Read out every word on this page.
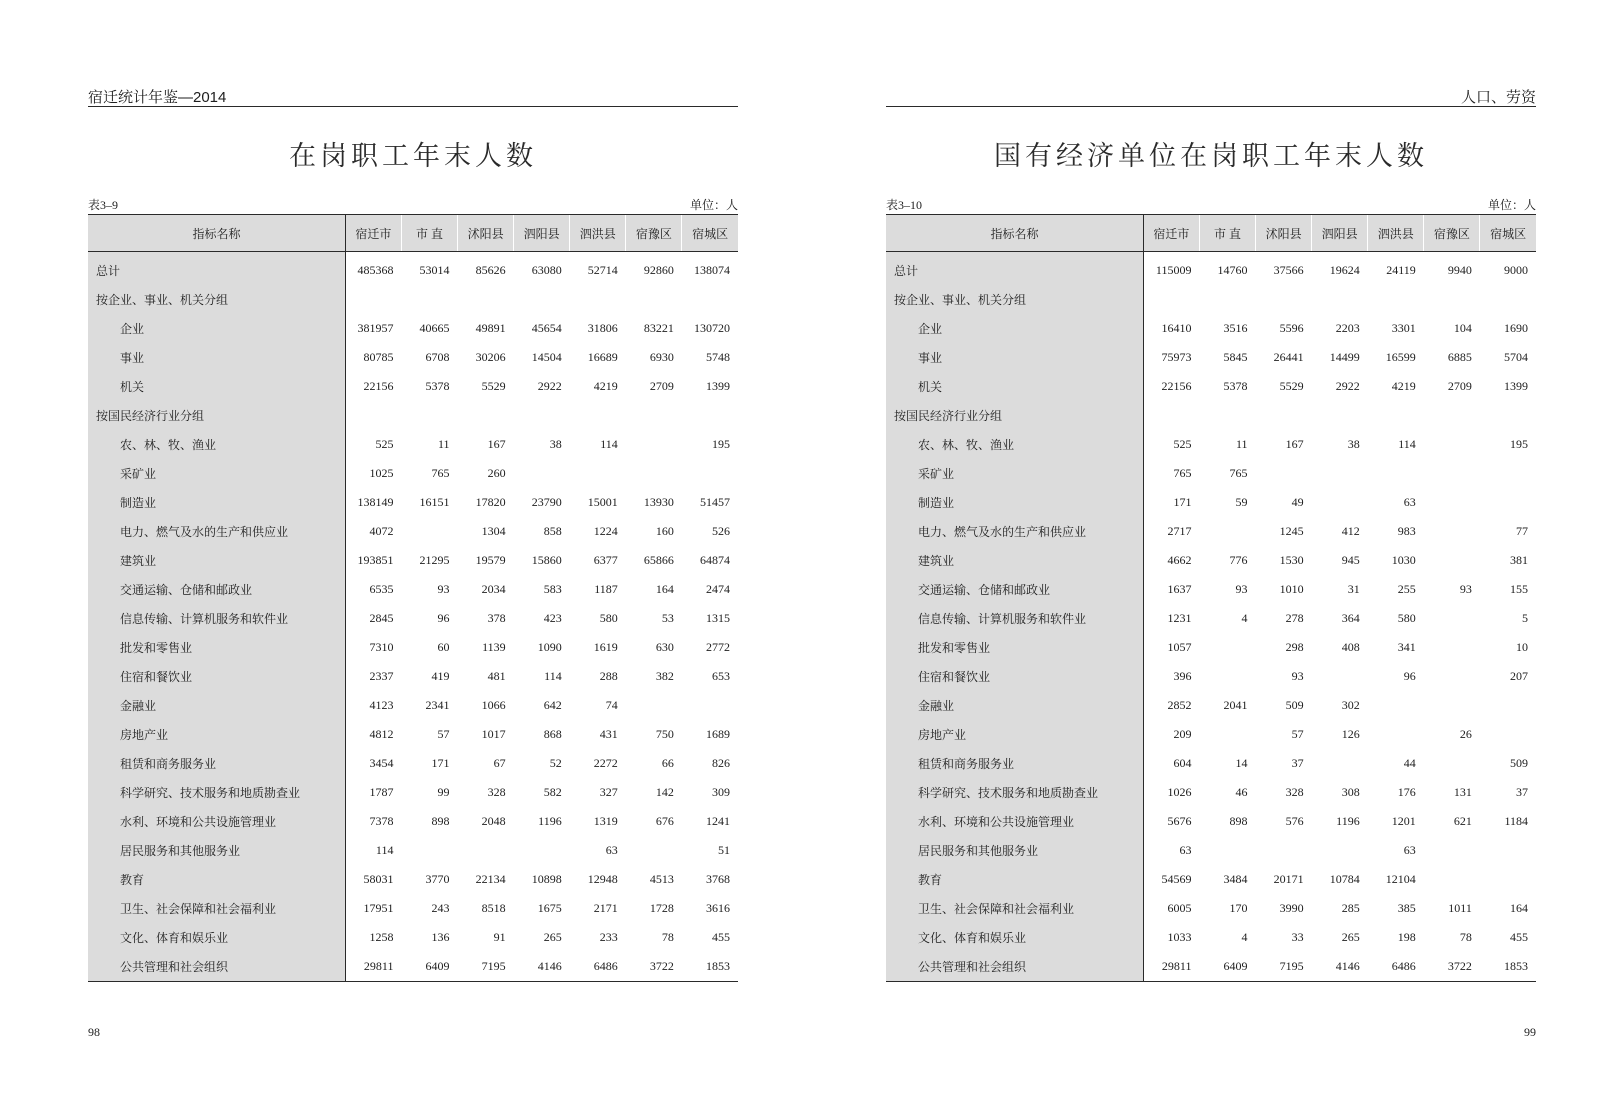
宿迁统计年鉴—2014
在岗职工年末人数
表3–9	单位：人
指标名称	宿迁市	市 直	沭阳县	泗阳县	泗洪县	宿豫区	宿城区
总计	485368	53014	85626	63080	52714	92860	138074
按企业、事业、机关分组							
企业	381957	40665	49891	45654	31806	83221	130720
事业	80785	6708	30206	14504	16689	6930	5748
机关	22156	5378	5529	2922	4219	2709	1399
按国民经济行业分组							
农、林、牧、渔业	525	11	167	38	114		195
采矿业	1025	765	260				
制造业	138149	16151	17820	23790	15001	13930	51457
电力、燃气及水的生产和供应业	4072		1304	858	1224	160	526
建筑业	193851	21295	19579	15860	6377	65866	64874
交通运输、仓储和邮政业	6535	93	2034	583	1187	164	2474
信息传输、计算机服务和软件业	2845	96	378	423	580	53	1315
批发和零售业	7310	60	1139	1090	1619	630	2772
住宿和餐饮业	2337	419	481	114	288	382	653
金融业	4123	2341	1066	642	74		
房地产业	4812	57	1017	868	431	750	1689
租赁和商务服务业	3454	171	67	52	2272	66	826
科学研究、技术服务和地质勘查业	1787	99	328	582	327	142	309
水利、环境和公共设施管理业	7378	898	2048	1196	1319	676	1241
居民服务和其他服务业	114				63		51
教育	58031	3770	22134	10898	12948	4513	3768
卫生、社会保障和社会福利业	17951	243	8518	1675	2171	1728	3616
文化、体育和娱乐业	1258	136	91	265	233	78	455
公共管理和社会组织	29811	6409	7195	4146	6486	3722	1853
98
人口、劳资
国有经济单位在岗职工年末人数
表3–10	单位：人
指标名称	宿迁市	市 直	沭阳县	泗阳县	泗洪县	宿豫区	宿城区
总计	115009	14760	37566	19624	24119	9940	9000
按企业、事业、机关分组							
企业	16410	3516	5596	2203	3301	104	1690
事业	75973	5845	26441	14499	16599	6885	5704
机关	22156	5378	5529	2922	4219	2709	1399
按国民经济行业分组							
农、林、牧、渔业	525	11	167	38	114		195
采矿业	765	765					
制造业	171	59	49		63		
电力、燃气及水的生产和供应业	2717		1245	412	983		77
建筑业	4662	776	1530	945	1030		381
交通运输、仓储和邮政业	1637	93	1010	31	255	93	155
信息传输、计算机服务和软件业	1231	4	278	364	580		5
批发和零售业	1057		298	408	341		10
住宿和餐饮业	396		93		96		207
金融业	2852	2041	509	302			
房地产业	209		57	126		26	
租赁和商务服务业	604	14	37		44		509
科学研究、技术服务和地质勘查业	1026	46	328	308	176	131	37
水利、环境和公共设施管理业	5676	898	576	1196	1201	621	1184
居民服务和其他服务业	63				63		
教育	54569	3484	20171	10784	12104		
卫生、社会保障和社会福利业	6005	170	3990	285	385	1011	164
文化、体育和娱乐业	1033	4	33	265	198	78	455
公共管理和社会组织	29811	6409	7195	4146	6486	3722	1853
99
